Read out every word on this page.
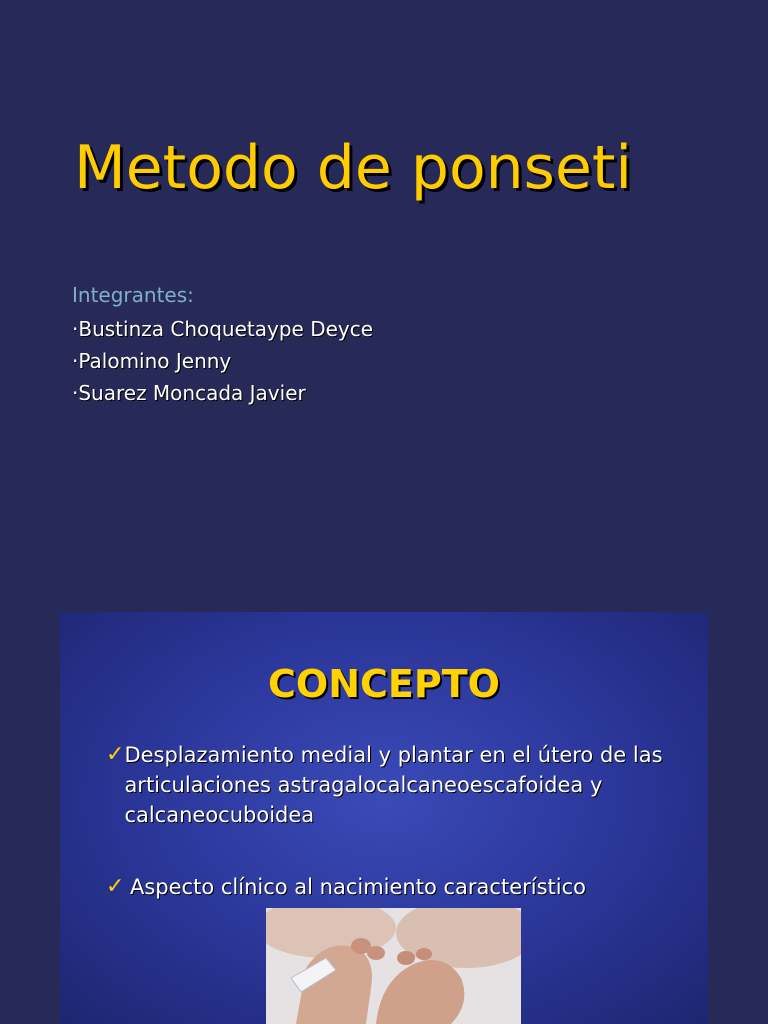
Metodo de ponseti
Integrantes:
·Bustinza Choquetaype Deyce
·Palomino Jenny
·Suarez Moncada Javier
CONCEPTO
✓ Desplazamiento medial y plantar en el útero de las articulaciones astragalocalcaneoescafoidea y calcaneocuboidea
✓ Aspecto clínico al nacimiento característico
